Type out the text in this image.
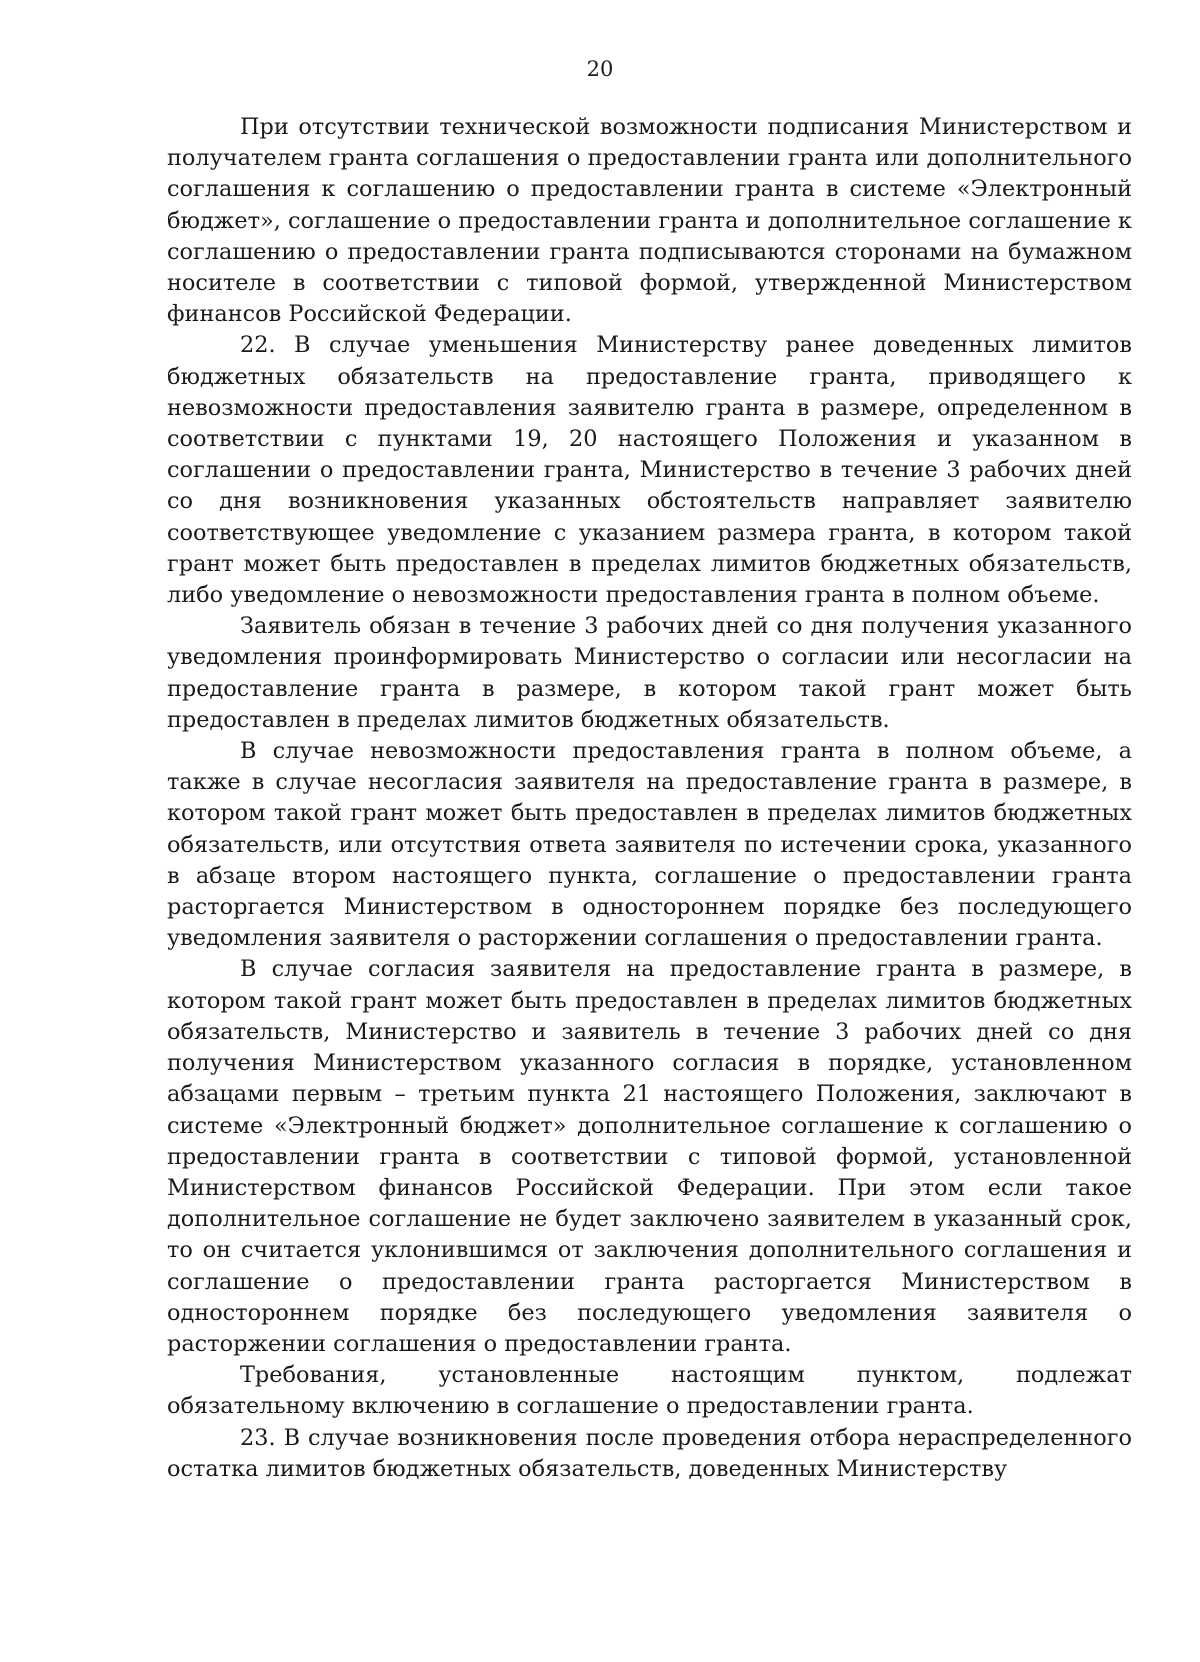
20

При отсутствии технической возможности подписания Министерством и получателем гранта соглашения о предоставлении гранта или дополнительного соглашения к соглашению о предоставлении гранта в системе «Электронный бюджет», соглашение о предоставлении гранта и дополнительное соглашение к соглашению о предоставлении гранта подписываются сторонами на бумажном носителе в соответствии с типовой формой, утвержденной Министерством финансов Российской Федерации.

22. В случае уменьшения Министерству ранее доведенных лимитов бюджетных обязательств на предоставление гранта, приводящего к невозможности предоставления заявителю гранта в размере, определенном в соответствии с пунктами 19, 20 настоящего Положения и указанном в соглашении о предоставлении гранта, Министерство в течение 3 рабочих дней со дня возникновения указанных обстоятельств направляет заявителю соответствующее уведомление с указанием размера гранта, в котором такой грант может быть предоставлен в пределах лимитов бюджетных обязательств, либо уведомление о невозможности предоставления гранта в полном объеме.

Заявитель обязан в течение 3 рабочих дней со дня получения указанного уведомления проинформировать Министерство о согласии или несогласии на предоставление гранта в размере, в котором такой грант может быть предоставлен в пределах лимитов бюджетных обязательств.

В случае невозможности предоставления гранта в полном объеме, а также в случае несогласия заявителя на предоставление гранта в размере, в котором такой грант может быть предоставлен в пределах лимитов бюджетных обязательств, или отсутствия ответа заявителя по истечении срока, указанного в абзаце втором настоящего пункта, соглашение о предоставлении гранта расторгается Министерством в одностороннем порядке без последующего уведомления заявителя о расторжении соглашения о предоставлении гранта.

В случае согласия заявителя на предоставление гранта в размере, в котором такой грант может быть предоставлен в пределах лимитов бюджетных обязательств, Министерство и заявитель в течение 3 рабочих дней со дня получения Министерством указанного согласия в порядке, установленном абзацами первым – третьим пункта 21 настоящего Положения, заключают в системе «Электронный бюджет» дополнительное соглашение к соглашению о предоставлении гранта в соответствии с типовой формой, установленной Министерством финансов Российской Федерации. При этом если такое дополнительное соглашение не будет заключено заявителем в указанный срок, то он считается уклонившимся от заключения дополнительного соглашения и соглашение о предоставлении гранта расторгается Министерством в одностороннем порядке без последующего уведомления заявителя о расторжении соглашения о предоставлении гранта.

Требования, установленные настоящим пунктом, подлежат обязательному включению в соглашение о предоставлении гранта.

23. В случае возникновения после проведения отбора нераспределенного остатка лимитов бюджетных обязательств, доведенных Министерству
